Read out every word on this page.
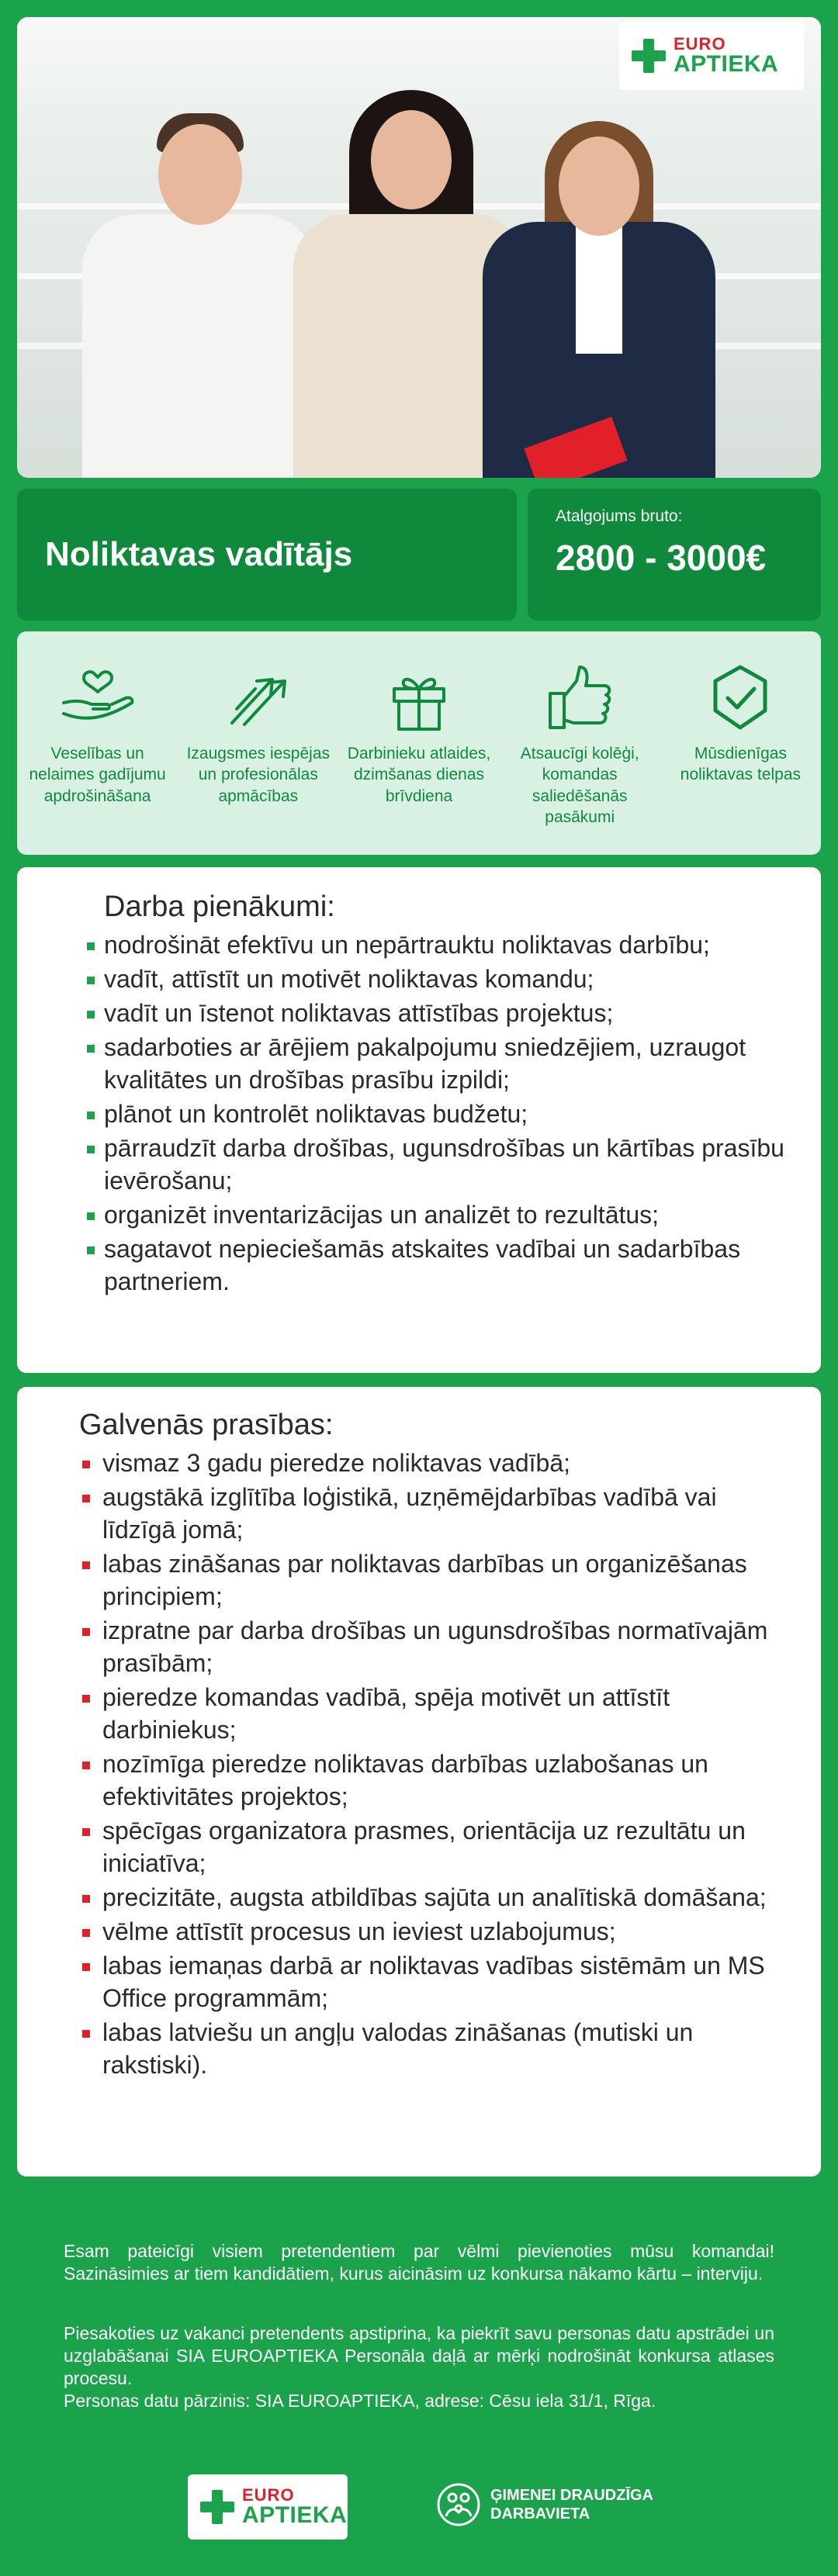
EURO
APTIEKA
Noliktavas vadītājs
Atalgojums bruto:
2800 - 3000€
Veselības un nelaimes gadījumu apdrošināšana
Izaugsmes iespējas un profesionālas apmācības
Darbinieku atlaides, dzimšanas dienas brīvdiena
Atsaucīgi kolēģi, komandas saliedēšanās pasākumi
Mūsdienīgas noliktavas telpas
Darba pienākumi:
nodrošināt efektīvu un nepārtrauktu noliktavas darbību;
vadīt, attīstīt un motivēt noliktavas komandu;
vadīt un īstenot noliktavas attīstības projektus;
sadarboties ar ārējiem pakalpojumu sniedzējiem, uzraugot kvalitātes un drošības prasību izpildi;
plānot un kontrolēt noliktavas budžetu;
pārraudzīt darba drošības, ugunsdrošības un kārtības prasību ievērošanu;
organizēt inventarizācijas un analizēt to rezultātus;
sagatavot nepieciešamās atskaites vadībai un sadarbības partneriem.
Galvenās prasības:
vismaz 3 gadu pieredze noliktavas vadībā;
augstākā izglītība loģistikā, uzņēmējdarbības vadībā vai līdzīgā jomā;
labas zināšanas par noliktavas darbības un organizēšanas principiem;
izpratne par darba drošības un ugunsdrošības normatīvajām prasībām;
pieredze komandas vadībā, spēja motivēt un attīstīt darbiniekus;
nozīmīga pieredze noliktavas darbības uzlabošanas un efektivitātes projektos;
spēcīgas organizatora prasmes, orientācija uz rezultātu un iniciatīva;
precizitāte, augsta atbildības sajūta un analītiskā domāšana;
vēlme attīstīt procesus un ieviest uzlabojumus;
labas iemaņas darbā ar noliktavas vadības sistēmām un MS Office programmām;
labas latviešu un angļu valodas zināšanas (mutiski un rakstiski).

Esam pateicīgi visiem pretendentiem par vēlmi pievienoties mūsu komandai! Sazināsimies ar tiem kandidātiem, kurus aicināsim uz konkursa nākamo kārtu – interviju.

Piesakoties uz vakanci pretendents apstiprina, ka piekrīt savu personas datu apstrādei un uzglabāšanai SIA EUROAPTIEKA Personāla daļā ar mērķi nodrošināt konkursa atlases procesu.

Personas datu pārzinis: SIA EUROAPTIEKA, adrese: Cēsu iela 31/1, Rīga.

EURO
APTIEKA
ĢIMENEI DRAUDZĪGA
DARBAVIETA
